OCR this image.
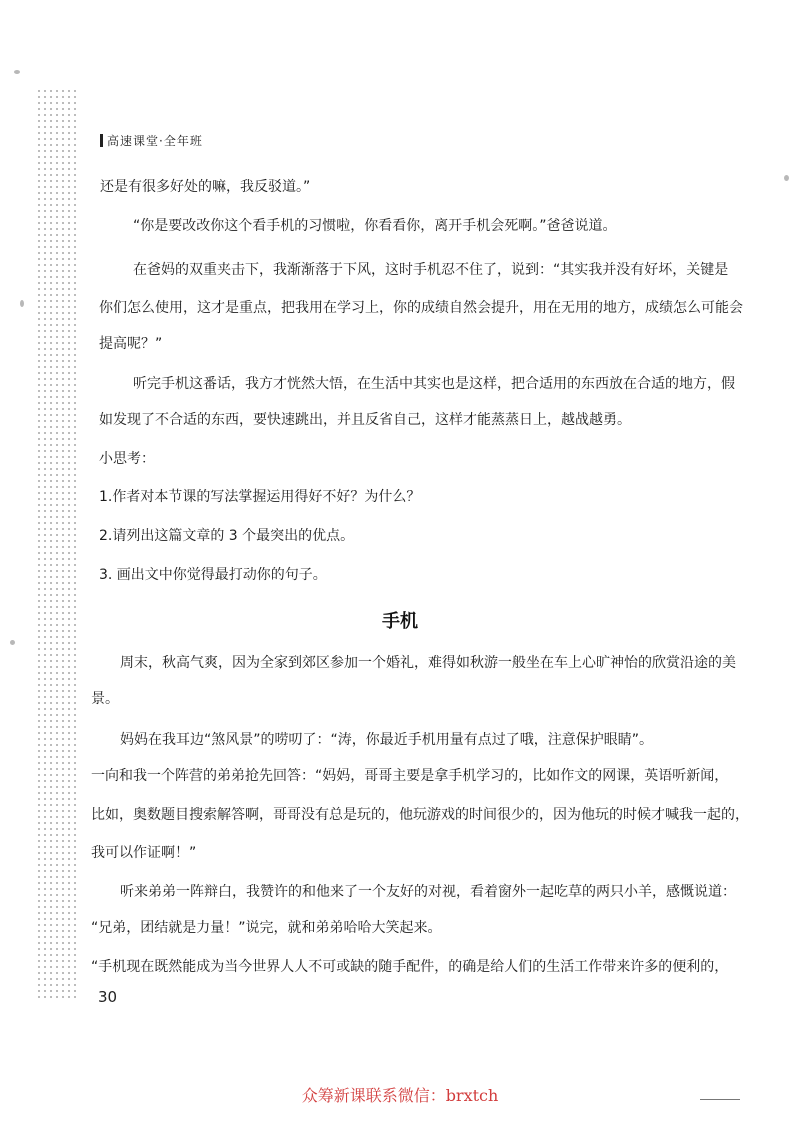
高速课堂·全年班
还是有很多好处的嘛，我反驳道。”
“你是要改改你这个看手机的习惯啦，你看看你，离开手机会死啊。”爸爸说道。
在爸妈的双重夹击下，我渐渐落于下风，这时手机忍不住了，说到：“其实我并没有好坏，关键是
你们怎么使用，这才是重点，把我用在学习上，你的成绩自然会提升，用在无用的地方，成绩怎么可能会
提高呢？”
听完手机这番话，我方才恍然大悟，在生活中其实也是这样，把合适用的东西放在合适的地方，假
如发现了不合适的东西，要快速跳出，并且反省自己，这样才能蒸蒸日上，越战越勇。
小思考：
1.作者对本节课的写法掌握运用得好不好？为什么？
2.请列出这篇文章的 3 个最突出的优点。
3. 画出文中你觉得最打动你的句子。
手机
周末，秋高气爽，因为全家到郊区参加一个婚礼，难得如秋游一般坐在车上心旷神怡的欣赏沿途的美
景。
妈妈在我耳边“煞风景”的唠叨了：“涛，你最近手机用量有点过了哦，注意保护眼睛”。
一向和我一个阵营的弟弟抢先回答：“妈妈，哥哥主要是拿手机学习的，比如作文的网课，英语听新闻，
比如，奥数题目搜索解答啊，哥哥没有总是玩的，他玩游戏的时间很少的，因为他玩的时候才喊我一起的，
我可以作证啊！”
听来弟弟一阵辩白，我赞许的和他来了一个友好的对视，看着窗外一起吃草的两只小羊，感慨说道：
“兄弟，团结就是力量！”说完，就和弟弟哈哈大笑起来。
“手机现在既然能成为当今世界人人不可或缺的随手配件，的确是给人们的生活工作带来许多的便利的，
30
众筹新课联系微信：brxtch
